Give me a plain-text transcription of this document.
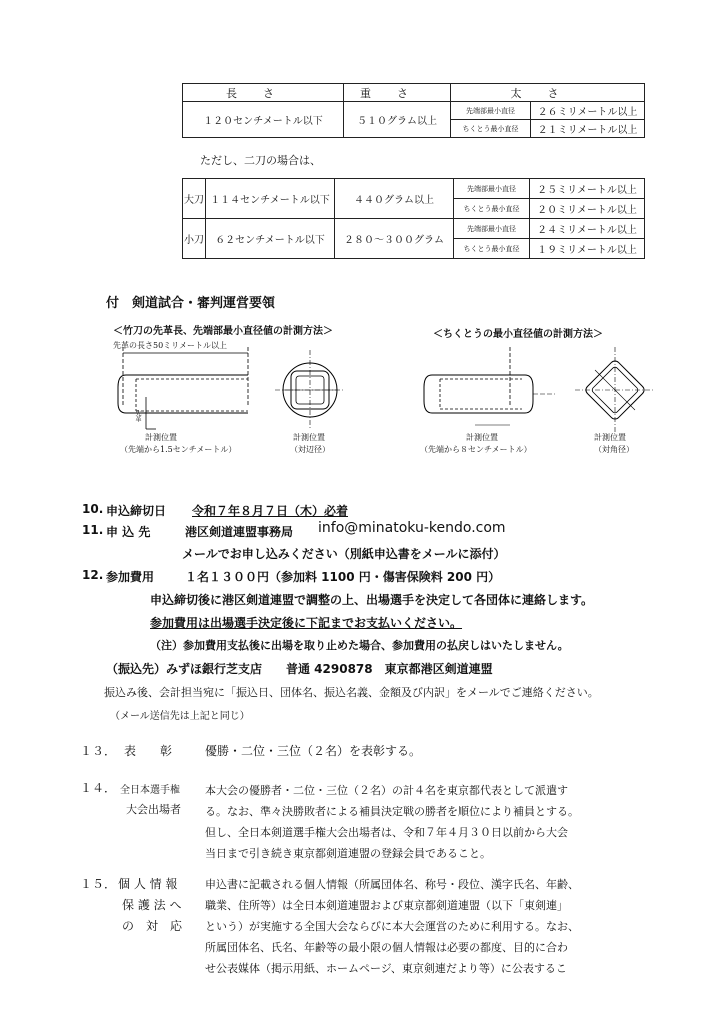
長さ	重さ	太さ	
１２０センチメートル以下	５１０グラム以上	先端部最小直径	２６ミリメートル以上
		ちくとう最小直径	２１ミリメートル以上
ただし、二刀の場合は、
大刀	１１４センチメートル以下	４４０グラム以上	先端部最小直径	２５ミリメートル以上
			ちくとう最小直径	２０ミリメートル以上
小刀	６２センチメートル以下	２８０～３００グラム	先端部最小直径	２４ミリメートル以上
			ちくとう最小直径	１９ミリメートル以上
付　剣道試合・審判運営要領
＜竹刀の先革長、先端部最小直径値の計測方法＞
先革の長さ50ミリメートル以上
先革
計測位置
（先端から1.5センチメートル）
計測位置
（対辺径）
＜ちくとうの最小直径値の計測方法＞
計測位置
（先端から８センチメートル）
計測位置
（対角径）
10. 申込締切日 令和７年８月７日（木）必着
11. 申 込 先	港区剣道連盟事務局 info@minatoku-kendo.com
メールでお申し込みください（別紙申込書をメールに添付）
12. 参加費用	１名１３００円（参加料 1100 円・傷害保険料 200 円）
申込締切後に港区剣道連盟で調整の上、出場選手を決定して各団体に連絡します。
参加費用は出場選手決定後に下記までお支払いください。
（注）参加費用支払後に出場を取り止めた場合、参加費用の払戻しはいたしません。
（振込先）みずほ銀行芝支店　　普通 4290878　東京都港区剣道連盟
振込み後、会計担当宛に「振込日、団体名、振込名義、金額及び内訳」をメールでご連絡ください。
（メール送信先は上記と同じ）
１３． 表　　彰	優勝・二位・三位（２名）を表彰する。
１４． 全日本選手権
大会出場者
本大会の優勝者・二位・三位（２名）の計４名を東京都代表として派遣す
る。なお、準々決勝敗者による補員決定戦の勝者を順位により補員とする。
但し、全日本剣道選手権大会出場者は、令和７年４月３０日以前から大会
当日まで引き続き東京都剣道連盟の登録会員であること。
１５． 個 人 情 報
保 護 法 へ
の　対　応
申込書に記載される個人情報（所属団体名、称号・段位、漢字氏名、年齢、
職業、住所等）は全日本剣道連盟および東京都剣道連盟（以下「東剣連」
という）が実施する全国大会ならびに本大会運営のために利用する。なお、
所属団体名、氏名、年齢等の最小限の個人情報は必要の都度、目的に合わ
せ公表媒体（掲示用紙、ホームページ、東京剣連だより等）に公表するこ
